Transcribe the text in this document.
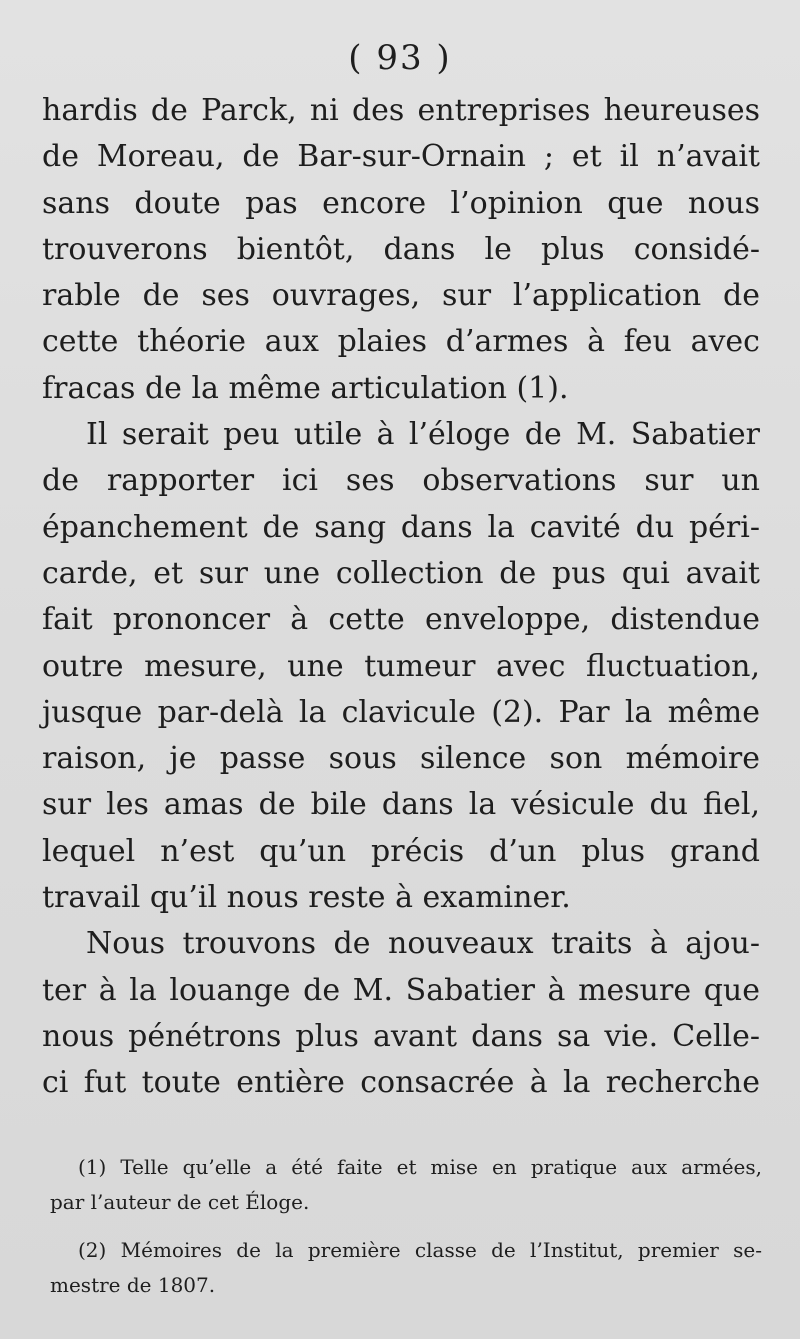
( 93 )
hardis de Parck, ni des entreprises heureuses
de Moreau, de Bar-sur-Ornain ; et il n’avait
sans doute pas encore l’opinion que nous
trouverons bientôt, dans le plus considé-
rable de ses ouvrages, sur l’application de
cette théorie aux plaies d’armes à feu avec
fracas de la même articulation (1).
Il serait peu utile à l’éloge de M. Sabatier
de rapporter ici ses observations sur un
épanchement de sang dans la cavité du péri-
carde, et sur une collection de pus qui avait
fait prononcer à cette enveloppe, distendue
outre mesure, une tumeur avec fluctuation,
jusque par-delà la clavicule (2). Par la même
raison, je passe sous silence son mémoire
sur les amas de bile dans la vésicule du fiel,
lequel n’est qu’un précis d’un plus grand
travail qu’il nous reste à examiner.
Nous trouvons de nouveaux traits à ajou-
ter à la louange de M. Sabatier à mesure que
nous pénétrons plus avant dans sa vie. Celle-
ci fut toute entière consacrée à la recherche
(1) Telle qu’elle a été faite et mise en pratique aux armées,
par l’auteur de cet Éloge.
(2) Mémoires de la première classe de l’Institut, premier se-
mestre de 1807.
